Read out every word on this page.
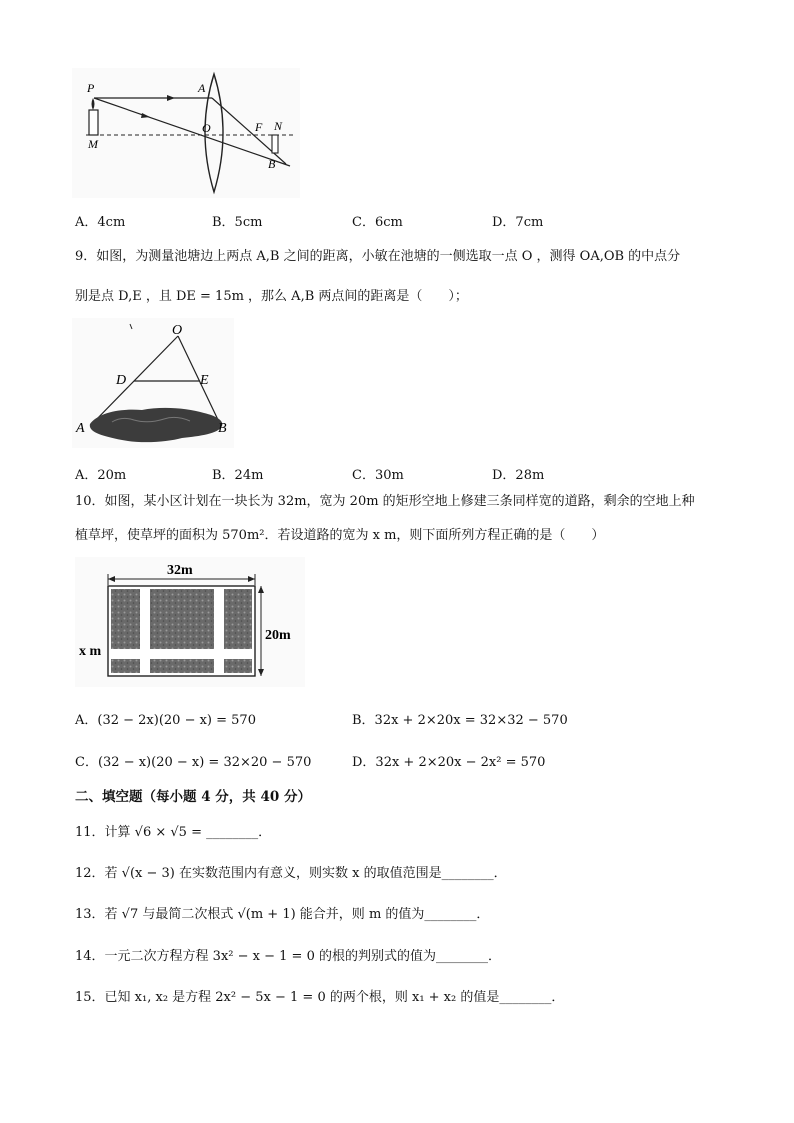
P	A
O	F N
M
B
A．4cm	B．5cm	C．6cm	D．7cm
9．如图，为测量池塘边上两点 A,B 之间的距离，小敏在池塘的一侧选取一点 O ，测得 OA,OB 的中点分
别是点 D,E ，且 DE = 15m ，那么 A,B 两点间的距离是（　　）；
O
D	E
A	B
A．20m	B．24m	C．30m	D．28m
10．如图，某小区计划在一块长为 32m，宽为 20m 的矩形空地上修建三条同样宽的道路，剩余的空地上种
植草坪，使草坪的面积为 570m²．若设道路的宽为 x m，则下面所列方程正确的是（　　）
32m
20m
x m
A．(32 − 2x)(20 − x) = 570	B．32x + 2×20x = 32×32 − 570
C．(32 − x)(20 − x) = 32×20 − 570	D．32x + 2×20x − 2x² = 570
二、填空题（每小题 4 分，共 40 分）
11．计算 √6 × √5 = ________．
12．若 √(x − 3) 在实数范围内有意义，则实数 x 的取值范围是________．
13．若 √7 与最简二次根式 √(m + 1) 能合并，则 m 的值为________．
14．一元二次方程方程 3x² − x − 1 = 0 的根的判别式的值为________．
15．已知 x₁, x₂ 是方程 2x² − 5x − 1 = 0 的两个根，则 x₁ + x₂ 的值是________．
